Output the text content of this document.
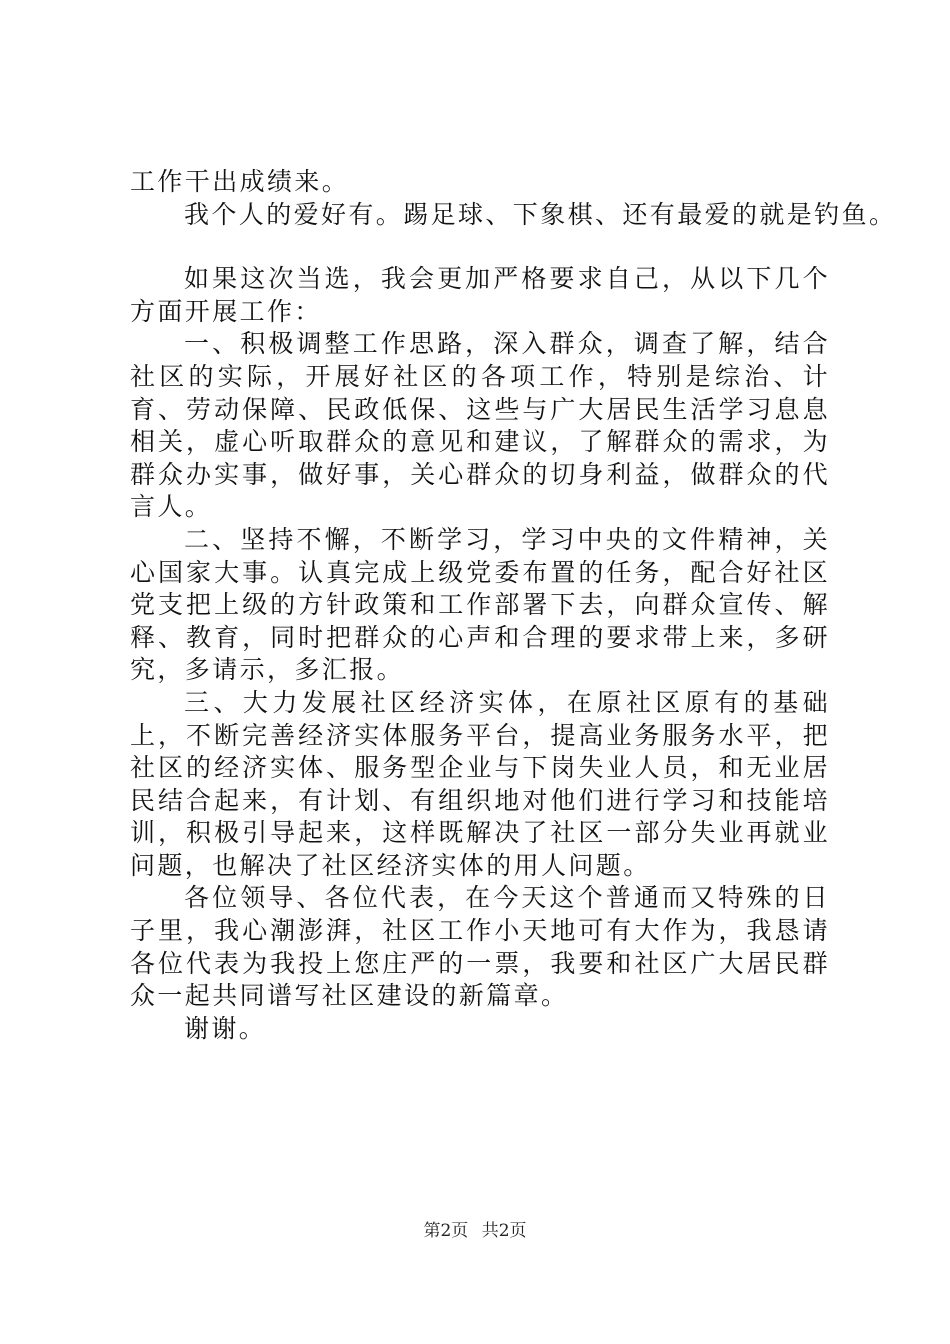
工作干出成绩来。

我个人的爱好有。踢足球、下象棋、还有最爱的就是钓鱼。

如果这次当选，我会更加严格要求自己，从以下几个方面开展工作：

一、积极调整工作思路，深入群众，调查了解，结合社区的实际，开展好社区的各项工作，特别是综治、计育、劳动保障、民政低保、这些与广大居民生活学习息息相关，虚心听取群众的意见和建议，了解群众的需求，为群众办实事，做好事，关心群众的切身利益，做群众的代言人。

二、坚持不懈，不断学习，学习中央的文件精神，关心国家大事。认真完成上级党委布置的任务，配合好社区党支把上级的方针政策和工作部署下去，向群众宣传、解释、教育，同时把群众的心声和合理的要求带上来，多研究，多请示，多汇报。

三、大力发展社区经济实体，在原社区原有的基础上，不断完善经济实体服务平台，提高业务服务水平，把社区的经济实体、服务型企业与下岗失业人员，和无业居民结合起来，有计划、有组织地对他们进行学习和技能培训，积极引导起来，这样既解决了社区一部分失业再就业问题，也解决了社区经济实体的用人问题。

各位领导、各位代表，在今天这个普通而又特殊的日子里，我心潮澎湃，社区工作小天地可有大作为，我恳请各位代表为我投上您庄严的一票，我要和社区广大居民群众一起共同谱写社区建设的新篇章。

谢谢。

第2页 共2页
